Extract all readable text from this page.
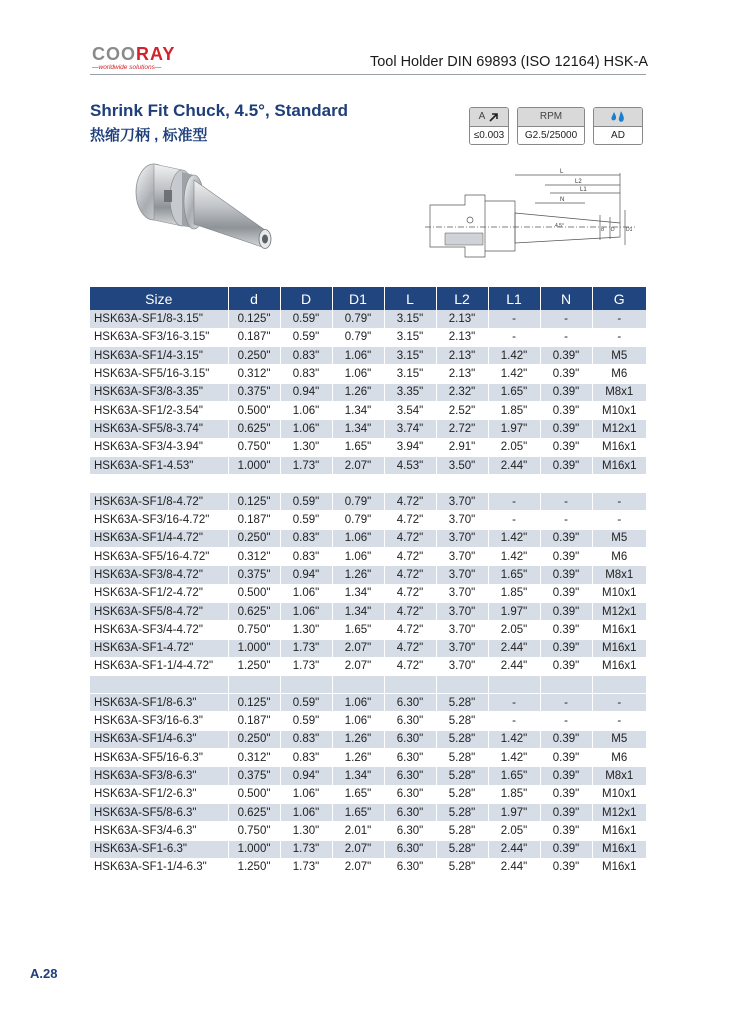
COORAY
—worldwide solutions—	Tool Holder DIN 69893 (ISO 12164) HSK-A
Shrink Fit Chuck, 4.5°, Standard
热缩刀柄 , 标准型
A
≤0.003
RPM
G2.5/25000	AD
L
L2
L1
N
4.5°
d D D1
Size	d	D	D1	L	L2	L1	N	G
HSK63A-SF1/8-3.15"	0.125"	0.59"	0.79"	3.15"	2.13"	-	-	-
HSK63A-SF3/16-3.15"	0.187"	0.59"	0.79"	3.15"	2.13"	-	-	-
HSK63A-SF1/4-3.15"	0.250"	0.83"	1.06"	3.15"	2.13"	1.42"	0.39"	M5
HSK63A-SF5/16-3.15"	0.312"	0.83"	1.06"	3.15"	2.13"	1.42"	0.39"	M6
HSK63A-SF3/8-3.35"	0.375"	0.94"	1.26"	3.35"	2.32"	1.65"	0.39"	M8x1
HSK63A-SF1/2-3.54"	0.500"	1.06"	1.34"	3.54"	2.52"	1.85"	0.39"	M10x1
HSK63A-SF5/8-3.74"	0.625"	1.06"	1.34"	3.74"	2.72"	1.97"	0.39"	M12x1
HSK63A-SF3/4-3.94"	0.750"	1.30"	1.65"	3.94"	2.91"	2.05"	0.39"	M16x1
HSK63A-SF1-4.53"	1.000"	1.73"	2.07"	4.53"	3.50"	2.44"	0.39"	M16x1

HSK63A-SF1/8-4.72"	0.125"	0.59"	0.79"	4.72"	3.70"	-	-	-
HSK63A-SF3/16-4.72"	0.187"	0.59"	0.79"	4.72"	3.70"	-	-	-
HSK63A-SF1/4-4.72"	0.250"	0.83"	1.06"	4.72"	3.70"	1.42"	0.39"	M5
HSK63A-SF5/16-4.72"	0.312"	0.83"	1.06"	4.72"	3.70"	1.42"	0.39"	M6
HSK63A-SF3/8-4.72"	0.375"	0.94"	1.26"	4.72"	3.70"	1.65"	0.39"	M8x1
HSK63A-SF1/2-4.72"	0.500"	1.06"	1.34"	4.72"	3.70"	1.85"	0.39"	M10x1
HSK63A-SF5/8-4.72"	0.625"	1.06"	1.34"	4.72"	3.70"	1.97"	0.39"	M12x1
HSK63A-SF3/4-4.72"	0.750"	1.30"	1.65"	4.72"	3.70"	2.05"	0.39"	M16x1
HSK63A-SF1-4.72"	1.000"	1.73"	2.07"	4.72"	3.70"	2.44"	0.39"	M16x1
HSK63A-SF1-1/4-4.72"	1.250"	1.73"	2.07"	4.72"	3.70"	2.44"	0.39"	M16x1

HSK63A-SF1/8-6.3"	0.125"	0.59"	1.06"	6.30"	5.28"	-	-	-
HSK63A-SF3/16-6.3"	0.187"	0.59"	1.06"	6.30"	5.28"	-	-	-
HSK63A-SF1/4-6.3"	0.250"	0.83"	1.26"	6.30"	5.28"	1.42"	0.39"	M5
HSK63A-SF5/16-6.3"	0.312"	0.83"	1.26"	6.30"	5.28"	1.42"	0.39"	M6
HSK63A-SF3/8-6.3"	0.375"	0.94"	1.34"	6.30"	5.28"	1.65"	0.39"	M8x1
HSK63A-SF1/2-6.3"	0.500"	1.06"	1.65"	6.30"	5.28"	1.85"	0.39"	M10x1
HSK63A-SF5/8-6.3"	0.625"	1.06"	1.65"	6.30"	5.28"	1.97"	0.39"	M12x1
HSK63A-SF3/4-6.3"	0.750"	1.30"	2.01"	6.30"	5.28"	2.05"	0.39"	M16x1
HSK63A-SF1-6.3"	1.000"	1.73"	2.07"	6.30"	5.28"	2.44"	0.39"	M16x1
HSK63A-SF1-1/4-6.3"	1.250"	1.73"	2.07"	6.30"	5.28"	2.44"	0.39"	M16x1
A.28
